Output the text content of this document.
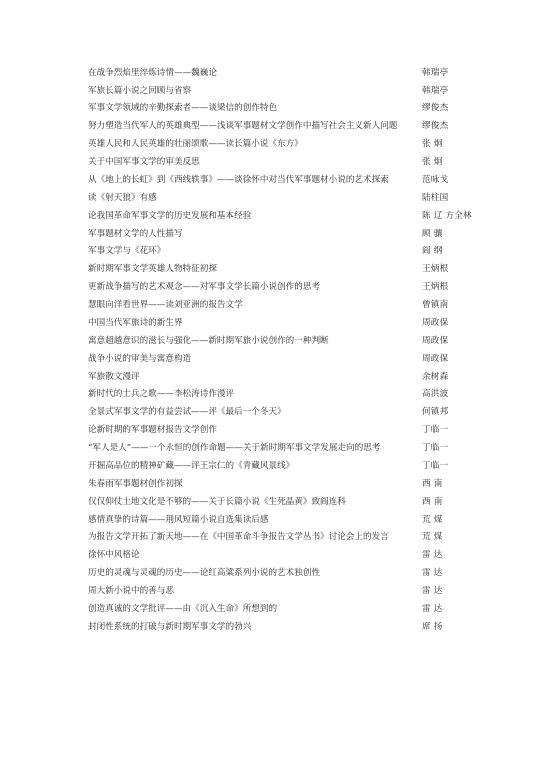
在战争烈焰里淬炼诗情——魏巍论	韩瑞亭
军旅长篇小说之回顾与省察	韩瑞亭
军事文学领域的辛勤探索者——谈梁信的创作特色	缪俊杰
努力塑造当代军人的英雄典型——浅谈军事题材文学创作中描写社会主义新人问题	缪俊杰
英雄人民和人民英雄的壮丽颂歌——读长篇小说《东方》	张 炯
关于中国军事文学的审美反思	张 炯
从《地上的长虹》到《西线轶事》——谈徐怀中对当代军事题材小说的艺术探索	范咏戈
读《射天狼》有感	陆柱国
论我国革命军事文学的历史发展和基本经验	陈 辽 方全林
军事题材文学的人性描写	顾 骧
军事文学与《花环》	阎 纲
新时期军事文学英雄人物特征初探	王炳根
更新战争描写的艺术观念——对军事文学长篇小说创作的思考	王炳根
慧眼向洋看世界——读刘亚洲的报告文学	曾镇南
中国当代军旅诗的新生界	周政保
寓意超越意识的滋长与强化——新时期军旅小说创作的一种判断	周政保
战争小说的审美与寓意构造	周政保
军旅散文漫评	余树森
新时代的士兵之歌——李松涛诗作漫评	高洪波
全景式军事文学的有益尝试——评《最后一个冬天》	何镇邦
论新时期的军事题材报告文学创作	丁临一
“军人是人”——一个永恒的创作命题——关于新时期军事文学发展走向的思考	丁临一
开掘高品位的精神矿藏——评王宗仁的《青藏风景线》	丁临一
朱春雨军事题材创作初探	西 南
仅仅仰仗土地文化是不够的——关于长篇小说《生死晶黄》致阎连科	西 南
感情真挚的诗篇——荆风短篇小说自选集读后感	荒 煤
为报告文学开拓了新天地——在《中国革命斗争报告文学丛书》讨论会上的发言	荒 煤
徐怀中风格论	雷 达
历史的灵魂与灵魂的历史——论红高粱系列小说的艺术独创性	雷 达
周大新小说中的善与恶	雷 达
创造真诚的文学批评——由《沉入生命》所想到的	雷 达
封闭性系统的打破与新时期军事文学的勃兴	席 扬
